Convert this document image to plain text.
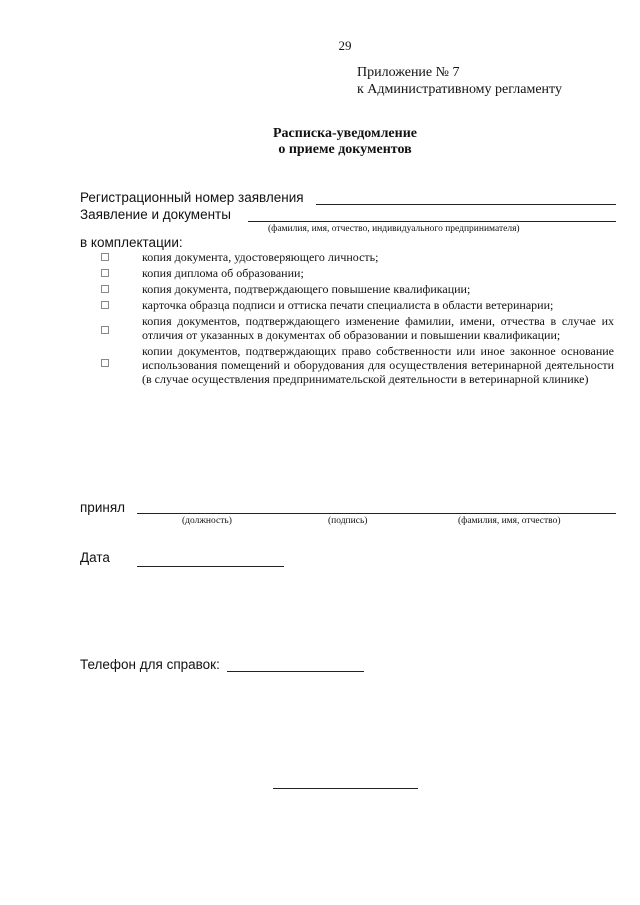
29
Приложение № 7
к Административному регламенту
Расписка-уведомление
о приеме документов
Регистрационный номер заявления
Заявление и документы
(фамилия, имя, отчество, индивидуального предпринимателя)
в комплектации:
копия документа, удостоверяющего личность;
копия диплома об образовании;
копия документа, подтверждающего повышение квалификации;
карточка образца подписи и оттиска печати специалиста в области ветеринарии;
копия документов, подтверждающего изменение фамилии, имени, отчества в случае их отличия от указанных в документах об образовании и повышении квалификации;
копии документов, подтверждающих право собственности или иное законное основание использования помещений и оборудования для осуществления ветеринарной деятельности (в случае осуществления предпринимательской деятельности в ветеринарной клинике)
принял
(должность)	(подпись)	(фамилия, имя, отчество)
Дата
Телефон для справок:
